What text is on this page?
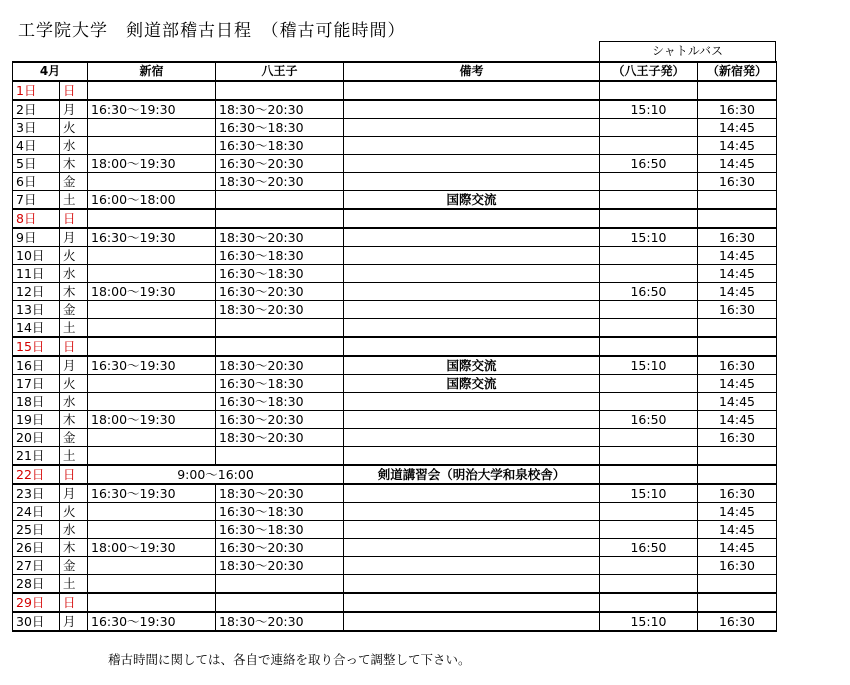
工学院大学　剣道部稽古日程　（稽古可能時間）
シャトルバス
4月		新宿	八王子	備考	（八王子発）	（新宿発）
1日	日					
2日	月	16:30～19:30	18:30～20:30		15:10	16:30
3日	火		16:30～18:30			14:45
4日	水		16:30～18:30			14:45
5日	木	18:00～19:30	16:30～20:30		16:50	14:45
6日	金		18:30～20:30			16:30
7日	土	16:00～18:00		国際交流		
8日	日					
9日	月	16:30～19:30	18:30～20:30		15:10	16:30
10日	火		16:30～18:30			14:45
11日	水		16:30～18:30			14:45
12日	木	18:00～19:30	16:30～20:30		16:50	14:45
13日	金		18:30～20:30			16:30
14日	土					
15日	日					
16日	月	16:30～19:30	18:30～20:30	国際交流	15:10	16:30
17日	火		16:30～18:30	国際交流		14:45
18日	水		16:30～18:30			14:45
19日	木	18:00～19:30	16:30～20:30		16:50	14:45
20日	金		18:30～20:30			16:30
21日	土					
22日	日	9:00～16:00		剣道講習会（明治大学和泉校舎）		
23日	月	16:30～19:30	18:30～20:30		15:10	16:30
24日	火		16:30～18:30			14:45
25日	水		16:30～18:30			14:45
26日	木	18:00～19:30	16:30～20:30		16:50	14:45
27日	金		18:30～20:30			16:30
28日	土					
29日	日					
30日	月	16:30～19:30	18:30～20:30		15:10	16:30
稽古時間に関しては、各自で連絡を取り合って調整して下さい。
